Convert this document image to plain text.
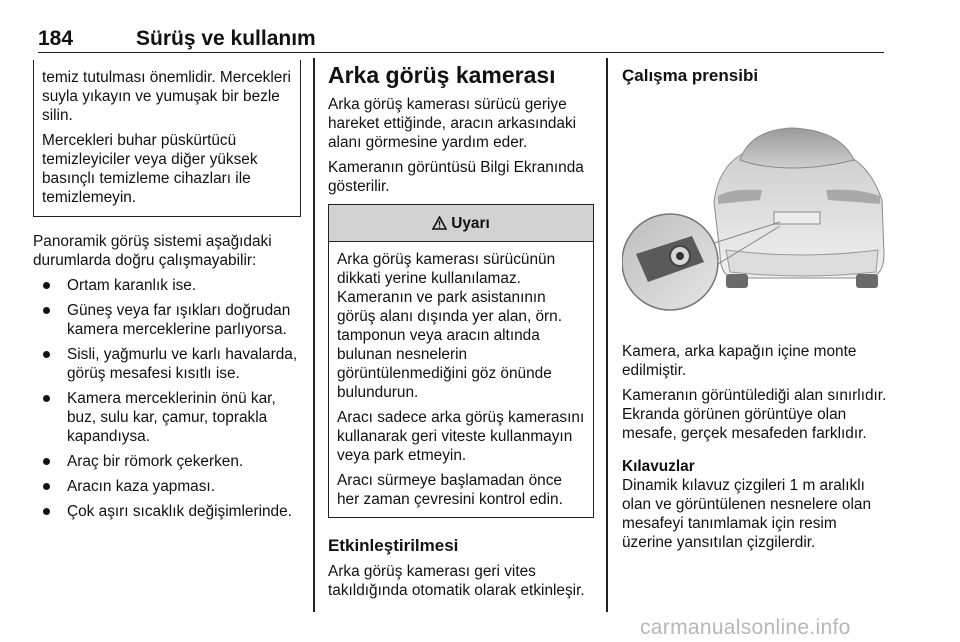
184	Sürüş ve kullanım

temiz tutulması önemlidir. Mercekleri suyla yıkayın ve yumuşak bir bezle silin.

Mercekleri buhar püskürtücü temizleyiciler veya diğer yüksek basınçlı temizleme cihazları ile temizlemeyin.

Panoramik görüş sistemi aşağıdaki durumlarda doğru çalışmayabilir:

Ortam karanlık ise.
Güneş veya far ışıkları doğrudan kamera merceklerine parlıyorsa.
Sisli, yağmurlu ve karlı havalarda, görüş mesafesi kısıtlı ise.
Kamera merceklerinin önü kar, buz, sulu kar, çamur, toprakla kapandıysa.
Araç bir römork çekerken.
Aracın kaza yapması.
Çok aşırı sıcaklık değişimlerinde.
Arka görüş kamerası

Arka görüş kamerası sürücü geriye hareket ettiğinde, aracın arkasındaki alanı görmesine yardım eder.

Kameranın görüntüsü Bilgi Ekranında gösterilir.

Uyarı

Arka görüş kamerası sürücünün dikkati yerine kullanılamaz. Kameranın ve park asistanının görüş alanı dışında yer alan, örn. tamponun veya aracın altında bulunan nesnelerin görüntülenmediğini göz önünde bulundurun.

Aracı sadece arka görüş kamerasını kullanarak geri viteste kullanmayın veya park etmeyin.

Aracı sürmeye başlamadan önce her zaman çevresini kontrol edin.

Etkinleştirilmesi

Arka görüş kamerası geri vites takıldığında otomatik olarak etkinleşir.

Çalışma prensibi

Kamera, arka kapağın içine monte edilmiştir.

Kameranın görüntülediği alan sınırlıdır. Ekranda görünen görüntüye olan mesafe, gerçek mesafeden farklıdır.

Kılavuzlar

Dinamik kılavuz çizgileri 1 m aralıklı olan ve görüntülenen nesnelere olan mesafeyi tanımlamak için resim üzerine yansıtılan çizgilerdir.

carmanualsonline.info
